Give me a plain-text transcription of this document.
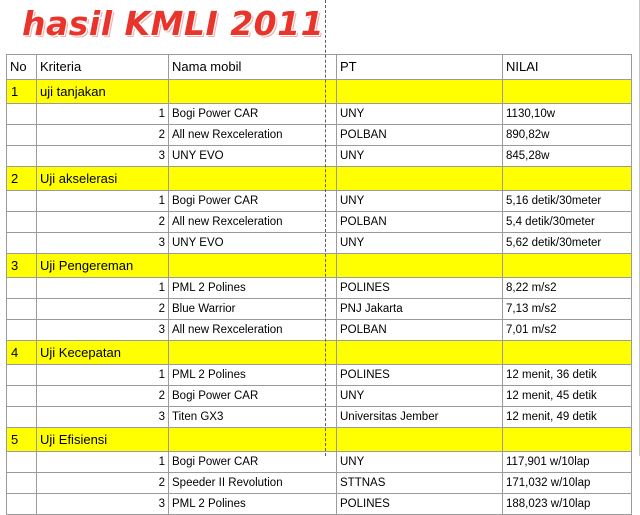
hasil KMLI 2011
No	Kriteria	Nama mobil	PT	NILAI
1	uji tanjakan			
	1	Bogi Power CAR	UNY	1130,10w
	2	All new Rexceleration	POLBAN	890,82w
	3	UNY EVO	UNY	845,28w
2	Uji akselerasi			
	1	Bogi Power CAR	UNY	5,16 detik/30meter
	2	All new Rexceleration	POLBAN	5,4 detik/30meter
	3	UNY EVO	UNY	5,62 detik/30meter
3	Uji Pengereman			
	1	PML 2 Polines	POLINES	8,22 m/s2
	2	Blue Warrior	PNJ Jakarta	7,13 m/s2
	3	All new Rexceleration	POLBAN	7,01 m/s2
4	Uji Kecepatan			
	1	PML 2 Polines	POLINES	12 menit, 36 detik
	2	Bogi Power CAR	UNY	12 menit, 45 detik
	3	Titen GX3	Universitas Jember	12 menit, 49 detik
5	Uji Efisiensi			
	1	Bogi Power CAR	UNY	117,901 w/10lap
	2	Speeder II Revolution	STTNAS	171,032 w/10lap
	3	PML 2 Polines	POLINES	188,023 w/10lap
